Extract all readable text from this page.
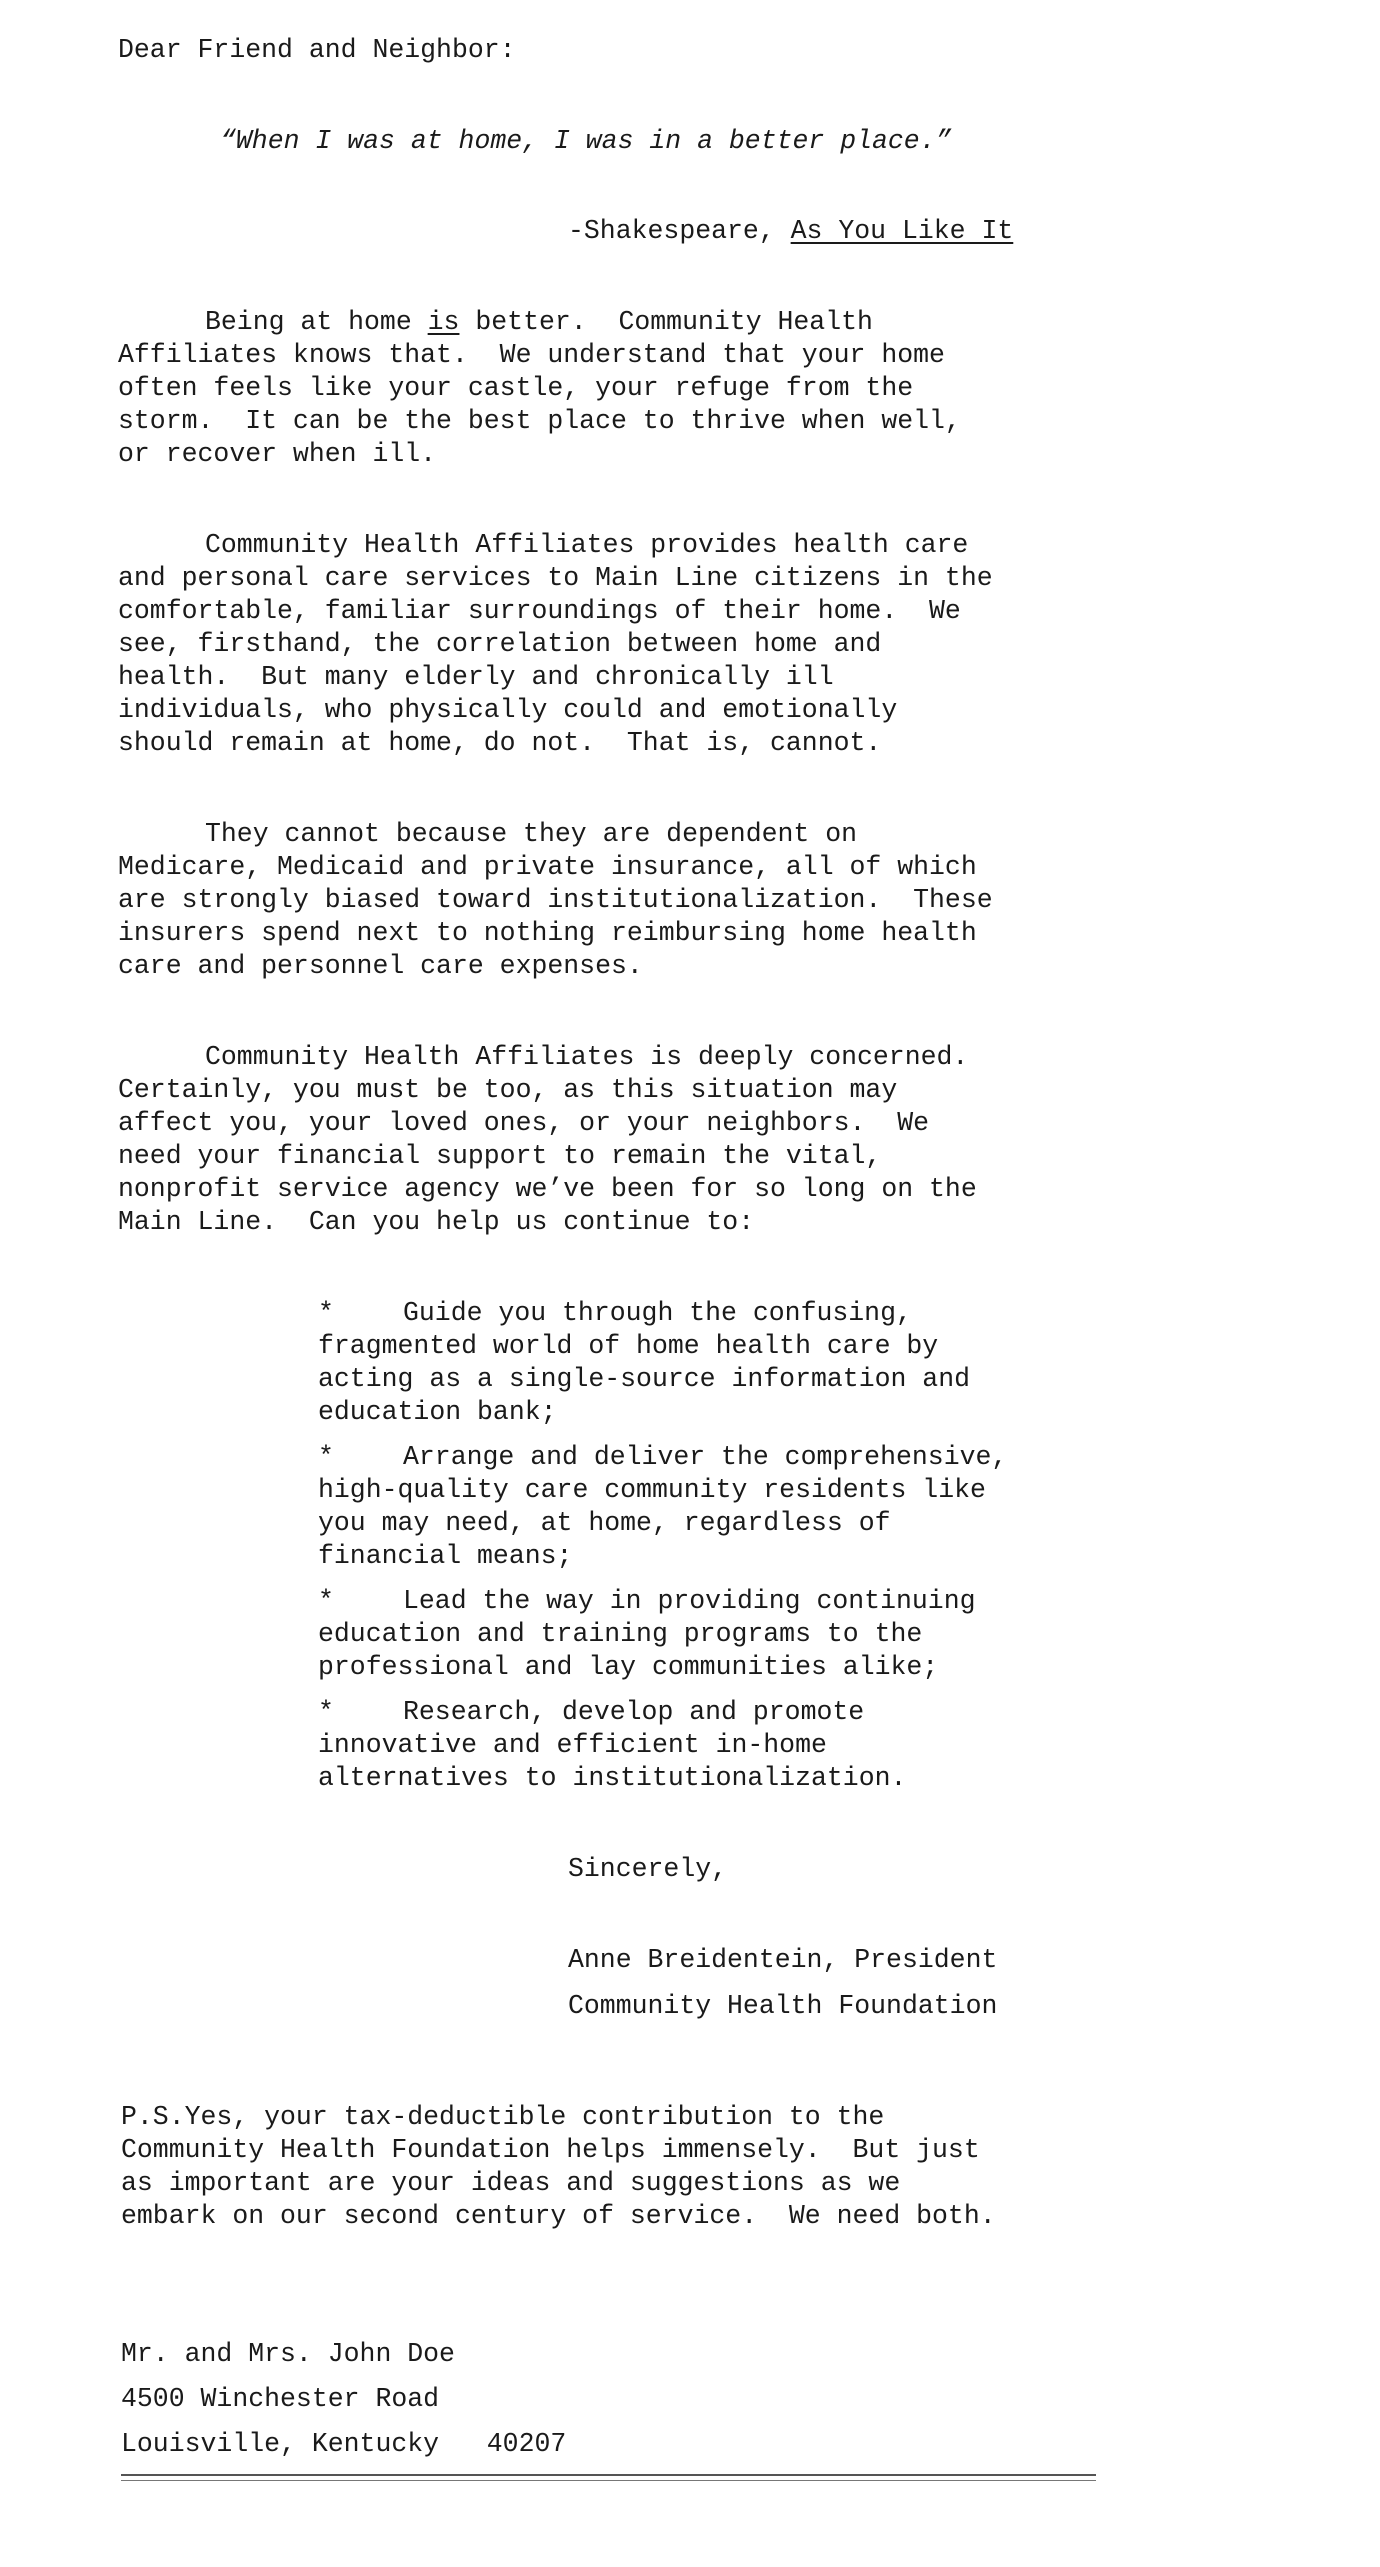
Dear Friend and Neighbor:
“When I was at home, I was in a better place.”
-Shakespeare, As You Like It
Being at home is better.  Community Health
Affiliates knows that.  We understand that your home
often feels like your castle, your refuge from the
storm.  It can be the best place to thrive when well,
or recover when ill.
Community Health Affiliates provides health care
and personal care services to Main Line citizens in the
comfortable, familiar surroundings of their home.  We
see, firsthand, the correlation between home and
health.  But many elderly and chronically ill
individuals, who physically could and emotionally
should remain at home, do not.  That is, cannot.
They cannot because they are dependent on
Medicare, Medicaid and private insurance, all of which
are strongly biased toward institutionalization.  These
insurers spend next to nothing reimbursing home health
care and personnel care expenses.
Community Health Affiliates is deeply concerned.
Certainly, you must be too, as this situation may
affect you, your loved ones, or your neighbors.  We
need your financial support to remain the vital,
nonprofit service agency we’ve been for so long on the
Main Line.  Can you help us continue to:
*	Guide you through the confusing,
fragmented world of home health care by
acting as a single-source information and
education bank;
*	Arrange and deliver the comprehensive,
high-quality care community residents like
you may need, at home, regardless of
financial means;
*	Lead the way in providing continuing
education and training programs to the
professional and lay communities alike;
*	Research, develop and promote
innovative and efficient in-home
alternatives to institutionalization.
Sincerely,
Anne Breidentein, President
Community Health Foundation
P.S.Yes, your tax-deductible contribution to the
Community Health Foundation helps immensely.  But just
as important are your ideas and suggestions as we
embark on our second century of service.  We need both.
Mr. and Mrs. John Doe
4500 Winchester Road
Louisville, Kentucky 40207
